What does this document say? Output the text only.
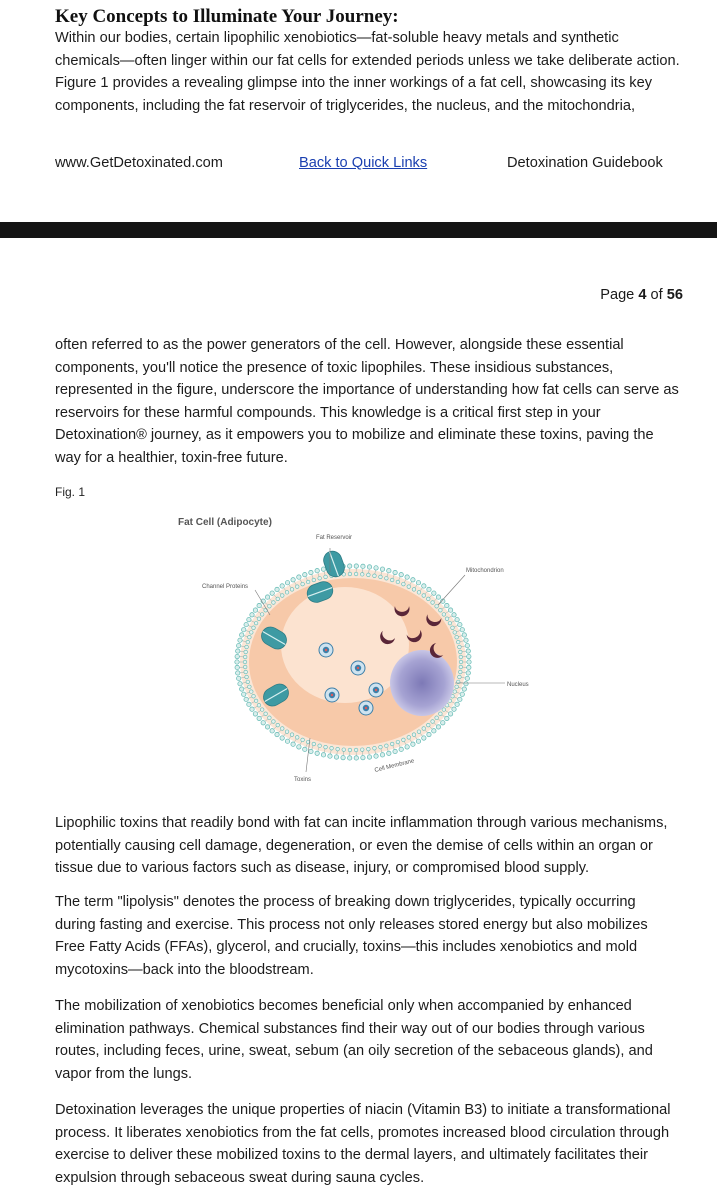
Key Concepts to Illuminate Your Journey:
Within our bodies, certain lipophilic xenobiotics—fat-soluble heavy metals and synthetic chemicals—often linger within our fat cells for extended periods unless we take deliberate action. Figure 1 provides a revealing glimpse into the inner workings of a fat cell, showcasing its key components, including the fat reservoir of triglycerides, the nucleus, and the mitochondria,
www.GetDetoxinated.com	Back to Quick Links	Detoxination Guidebook
Page 4 of 56
often referred to as the power generators of the cell. However, alongside these essential components, you'll notice the presence of toxic lipophiles. These insidious substances, represented in the figure, underscore the importance of understanding how fat cells can serve as reservoirs for these harmful compounds. This knowledge is a critical first step in your Detoxination® journey, as it empowers you to mobilize and eliminate these toxins, paving the way for a healthier, toxin-free future.
Fig. 1
Fat Cell (Adipocyte)
Fat Reservoir
Mitochondrion
Channel Proteins
Nucleus
Cell Membrane
Toxins
Lipophilic toxins that readily bond with fat can incite inflammation through various mechanisms, potentially causing cell damage, degeneration, or even the demise of cells within an organ or tissue due to various factors such as disease, injury, or compromised blood supply.
The term "lipolysis" denotes the process of breaking down triglycerides, typically occurring during fasting and exercise. This process not only releases stored energy but also mobilizes Free Fatty Acids (FFAs), glycerol, and crucially, toxins—this includes xenobiotics and mold mycotoxins—back into the bloodstream.
The mobilization of xenobiotics becomes beneficial only when accompanied by enhanced elimination pathways. Chemical substances find their way out of our bodies through various routes, including feces, urine, sweat, sebum (an oily secretion of the sebaceous glands), and vapor from the lungs.
Detoxination leverages the unique properties of niacin (Vitamin B3) to initiate a transformational process. It liberates xenobiotics from the fat cells, promotes increased blood circulation through exercise to deliver these mobilized toxins to the dermal layers, and ultimately facilitates their expulsion through sebaceous sweat during sauna cycles.
